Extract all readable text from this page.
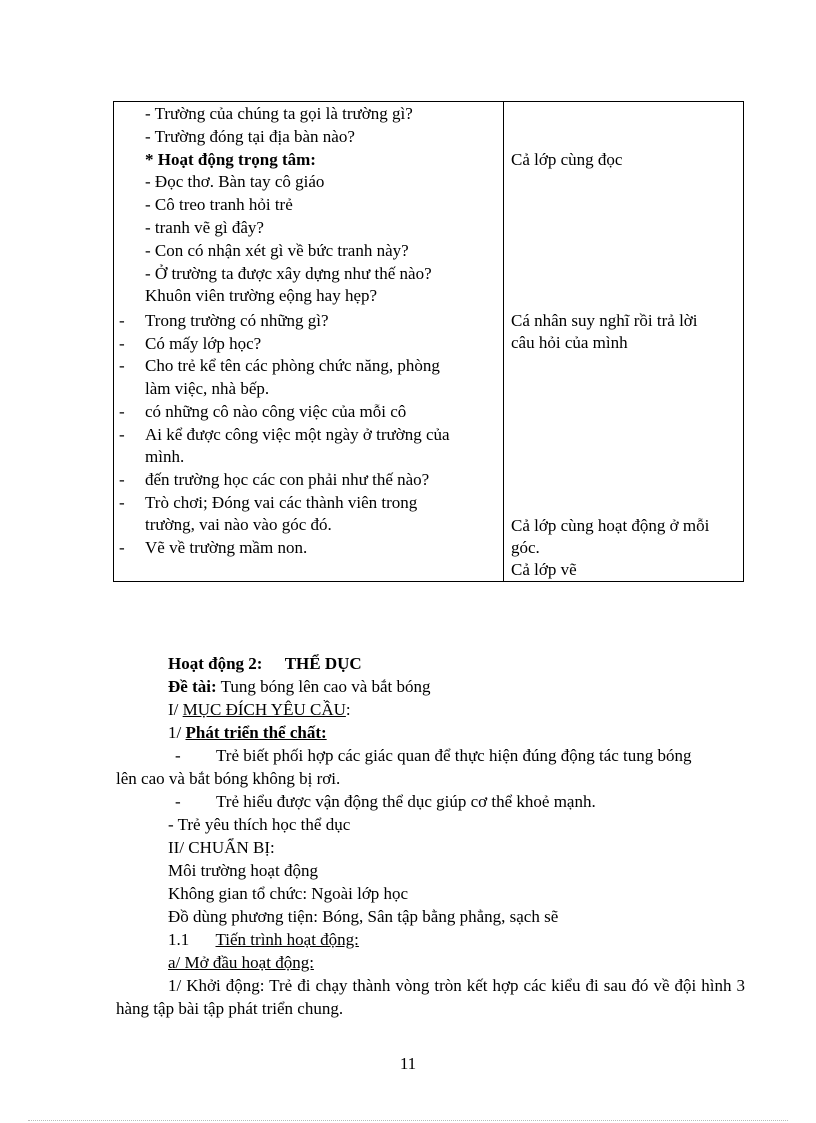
- Trường của chúng ta gọi là trường gì?
- Trường đóng tại địa bàn nào?
* Hoạt động trọng tâm:
- Đọc thơ. Bàn tay cô giáo
- Cô treo tranh hỏi trẻ
- tranh vẽ gì đây?
- Con có nhận xét gì về bức tranh này?
- Ở trường ta được xây dựng như thế nào?
Khuôn viên trường eộng hay hẹp?
- Trong trường có những gì?
- Có mấy lớp học?
- Cho trẻ kể tên các phòng chức năng, phòng
làm việc, nhà bếp.
- có những cô nào công việc của mỗi cô
- Ai kể được công việc một ngày ở trường của
mình.
- đến trường học các con phải như thế nào?
- Trò chơi; Đóng vai các thành viên trong
trường, vai nào vào góc đó.
- Vẽ về trường mầm non.
Cả lớp cùng đọc
Cá nhân suy nghĩ rồi trả lời
câu hỏi của mình
Cả lớp cùng hoạt động ở mỗi
góc.
Cả lớp vẽ
Hoạt động 2: THỂ DỤC
Đề tài: Tung bóng lên cao và bắt bóng
I/ MỤC ĐÍCH YÊU CẦU:
1/ Phát triển thể chất:
- Trẻ biết phối hợp các giác quan để thực hiện đúng động tác tung bóng
lên cao và bắt bóng không bị rơi.
- Trẻ hiểu được vận động thể dục giúp cơ thể khoẻ mạnh.
- Trẻ yêu thích học thể dục
II/ CHUẨN BỊ:
Môi trường hoạt động
Không gian tổ chức: Ngoài lớp học
Đồ dùng phương tiện: Bóng, Sân tập bằng phẳng, sạch sẽ
1.1 Tiến trình hoạt động:
a/ Mở đầu hoạt động:
1/ Khởi động: Trẻ đi chạy thành vòng tròn kết hợp các kiểu đi sau đó về đội hình 3 hàng tập bài tập phát triển chung.
11
